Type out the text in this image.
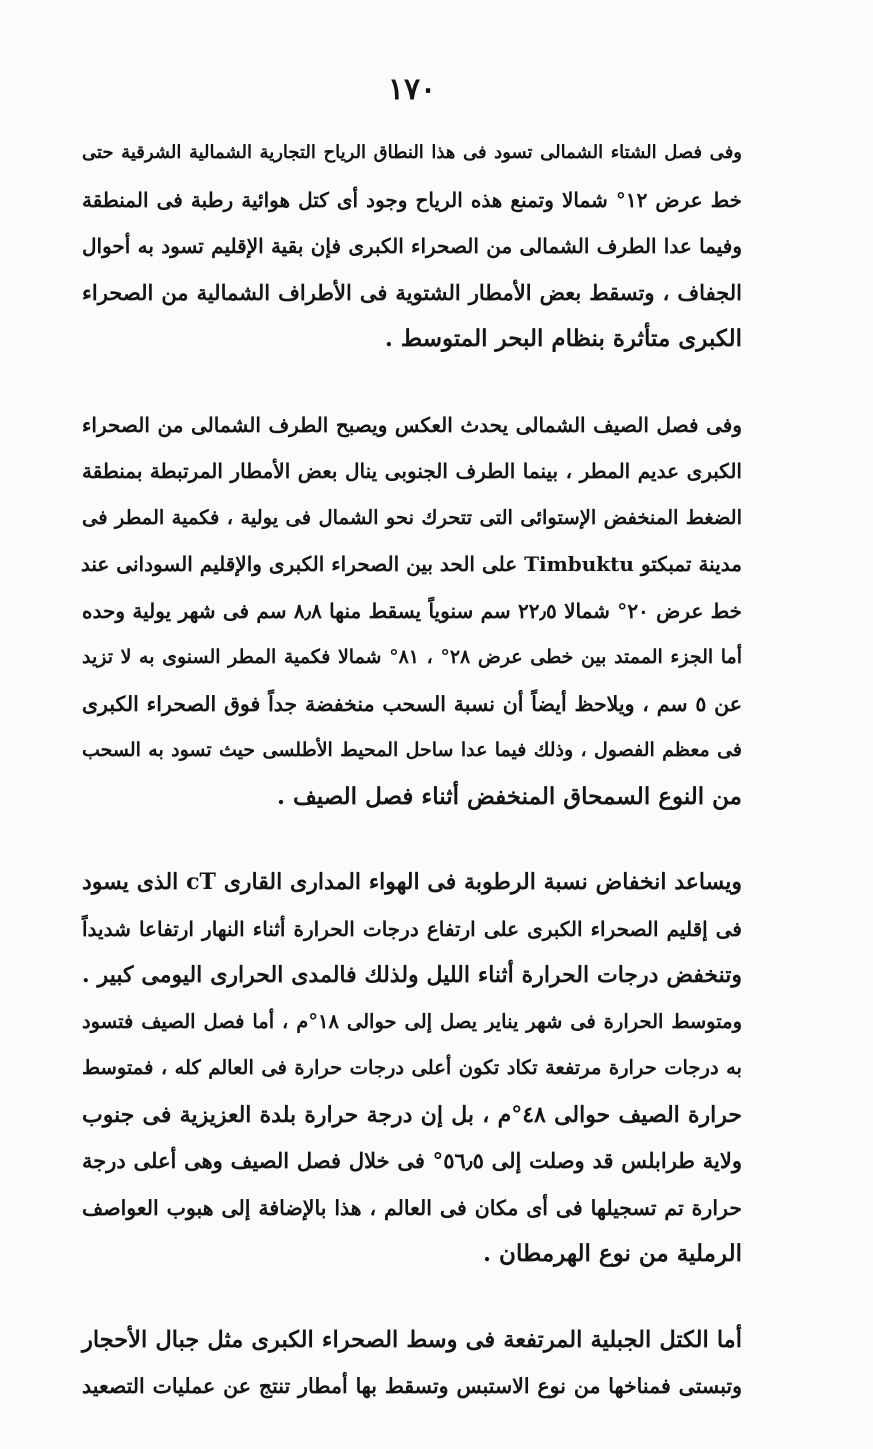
١٧٠
وفى فصل الشتاء الشمالى تسود فى هذا النطاق الرياح التجارية الشمالية الشرقية حتى
خط عرض ١٢° شمالا وتمنع هذه الرياح وجود أى كتل هوائية رطبة فى المنطقة
وفيما عدا الطرف الشمالى من الصحراء الكبرى فإن بقية الإقليم تسود به أحوال
الجفاف ، وتسقط بعض الأمطار الشتوية فى الأطراف الشمالية من الصحراء
الكبرى متأثرة بنظام البحر المتوسط .
وفى فصل الصيف الشمالى يحدث العكس ويصبح الطرف الشمالى من الصحراء
الكبرى عديم المطر ، بينما الطرف الجنوبى ينال بعض الأمطار المرتبطة بمنطقة
الضغط المنخفض الإستوائى التى تتحرك نحو الشمال فى يولية ، فكمية المطر فى
مدينة تمبكتو Timbuktu على الحد بين الصحراء الكبرى والإقليم السودانى عند
خط عرض ٢٠° شمالا ٢٢٫٥ سم سنوياً يسقط منها ٨٫٨ سم فى شهر يولية وحده
أما الجزء الممتد بين خطى عرض ٢٨° ، ٨١° شمالا فكمية المطر السنوى به لا تزيد
عن ٥ سم ، ويلاحظ أيضاً أن نسبة السحب منخفضة جداً فوق الصحراء الكبرى
فى معظم الفصول ، وذلك فيما عدا ساحل المحيط الأطلسى حيث تسود به السحب
من النوع السمحاق المنخفض أثناء فصل الصيف .
ويساعد انخفاض نسبة الرطوبة فى الهواء المدارى القارى cT الذى يسود
فى إقليم الصحراء الكبرى على ارتفاع درجات الحرارة أثناء النهار ارتفاعا شديداً
وتنخفض درجات الحرارة أثناء الليل ولذلك فالمدى الحرارى اليومى كبير .
ومتوسط الحرارة فى شهر يناير يصل إلى حوالى ١٨°م ، أما فصل الصيف فتسود
به درجات حرارة مرتفعة تكاد تكون أعلى درجات حرارة فى العالم كله ، فمتوسط
حرارة الصيف حوالى ٤٨°م ، بل إن درجة حرارة بلدة العزيزية فى جنوب
ولاية طرابلس قد وصلت إلى ٥٦٫٥° فى خلال فصل الصيف وهى أعلى درجة
حرارة تم تسجيلها فى أى مكان فى العالم ، هذا بالإضافة إلى هبوب العواصف
الرملية من نوع الهرمطان .
أما الكتل الجبلية المرتفعة فى وسط الصحراء الكبرى مثل جبال الأحجار
وتبستى فمناخها من نوع الاستبس وتسقط بها أمطار تنتج عن عمليات التصعيد
